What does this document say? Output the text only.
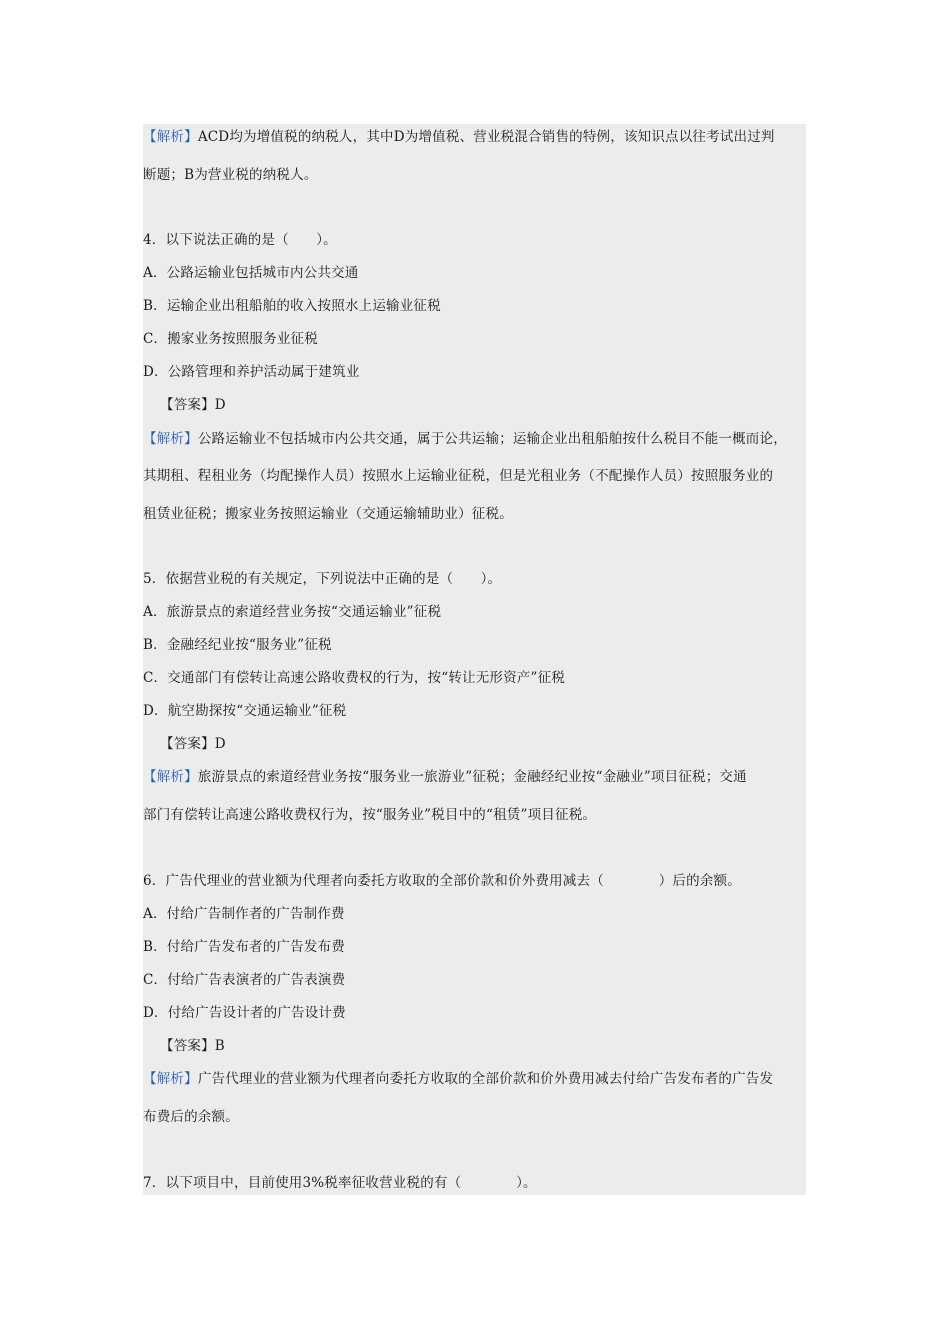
【解析】ACD均为增值税的纳税人，其中D为增值税、营业税混合销售的特例，该知识点以往考试出过判
断题；B为营业税的纳税人。
4．以下说法正确的是（　　）。
A．公路运输业包括城市内公共交通
B．运输企业出租船舶的收入按照水上运输业征税
C．搬家业务按照服务业征税
D．公路管理和养护活动属于建筑业
【答案】D
【解析】公路运输业不包括城市内公共交通，属于公共运输；运输企业出租船舶按什么税目不能一概而论，
其期租、程租业务（均配操作人员）按照水上运输业征税，但是光租业务（不配操作人员）按照服务业的
租赁业征税；搬家业务按照运输业（交通运输辅助业）征税。
5．依据营业税的有关规定，下列说法中正确的是（　　）。
A．旅游景点的索道经营业务按“交通运输业”征税
B．金融经纪业按“服务业”征税
C．交通部门有偿转让高速公路收费权的行为，按“转让无形资产”征税
D．航空勘探按“交通运输业”征税
【答案】D
【解析】旅游景点的索道经营业务按“服务业一旅游业”征税；金融经纪业按“金融业”项目征税；交通
部门有偿转让高速公路收费权行为，按“服务业”税目中的“租赁”项目征税。
6．广告代理业的营业额为代理者向委托方收取的全部价款和价外费用减去（　　　　）后的余额。
A．付给广告制作者的广告制作费
B．付给广告发布者的广告发布费
C．付给广告表演者的广告表演费
D．付给广告设计者的广告设计费
【答案】B
【解析】广告代理业的营业额为代理者向委托方收取的全部价款和价外费用减去付给广告发布者的广告发
布费后的余额。
7．以下项目中，目前使用3%税率征收营业税的有（　　　　）。
